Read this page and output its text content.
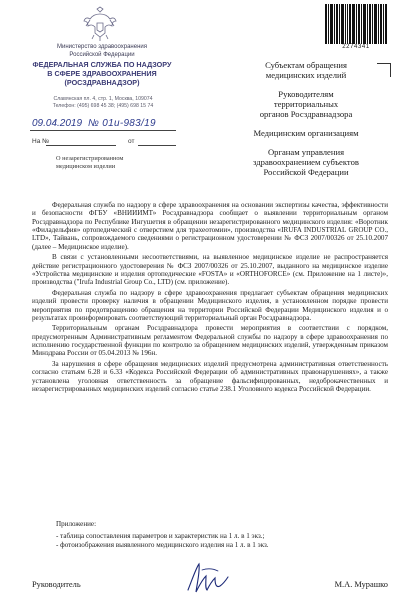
Министерство здравоохранения
Российской Федерации
ФЕДЕРАЛЬНАЯ СЛУЖБА ПО НАДЗОРУ
В СФЕРЕ ЗДРАВООХРАНЕНИЯ
(РОСЗДРАВНАДЗОР)
Славянская пл. 4, стр. 1, Москва, 109074
Телефон: (495) 698 45 38; (495) 698 15 74
09.04.2019 № 01и-983/19
На №	от
О незарегистрированном
медицинском изделии
2274341
Субъектам обращения
медицинских изделий
Руководителям
территориальных
органов Росздравнадзора
Медицинским организациям
Органам управления
здравоохранением субъектов
Российской Федерации

Федеральная служба по надзору в сфере здравоохранения на основании экспертизы качества, эффективности и безопасности ФГБУ «ВНИИИМТ» Росздравнадзора сообщает о выявлении территориальным органом Росздравнадзора по Республике Ингушетия в обращении незарегистрированного медицинского изделия: «Воротник «Филадельфия» ортопедический с отверстием для трахеотомии», производства «IRUFA INDUSTRIAL GROUP CO., LTD», Тайвань, сопровождаемого сведениями о регистрационном удостоверении № ФСЗ 2007/00326 от 25.10.2007 (далее – Медицинское изделие).

В связи с установленными несоответствиями, на выявленное медицинское изделие не распространяется действие регистрационного удостоверения № ФСЗ 2007/00326 от 25.10.2007, выданного на медицинское изделие «Устройства медицинские и изделия ортопедические «FOSTA» и «ORTHOFORCE» (см. Приложение на 1 листе)», производства ("Irufa Industrial Group Co., LTD) (см. приложение).

Федеральная служба по надзору в сфере здравоохранения предлагает субъектам обращения медицинских изделий провести проверку наличия в обращении Медицинского изделия, в установленном порядке провести мероприятия по предотвращению обращения на территории Российской Федерации Медицинского изделия и о результатах проинформировать соответствующий территориальный орган Росздравнадзора.

Территориальным органам Росздравнадзора провести мероприятия в соответствии с порядком, предусмотренным Административным регламентом Федеральной службы по надзору в сфере здравоохранения по исполнению государственной функции по контролю за обращением медицинских изделий, утвержденным приказом Минздрава России от 05.04.2013 № 196н.

За нарушения в сфере обращения медицинских изделий предусмотрена административная ответственность согласно статьям 6.28 и 6.33 «Кодекса Российской Федерации об административных правонарушениях», а также установлена уголовная ответственность за обращение фальсифицированных, недоброкачественных и незарегистрированных медицинских изделий согласно статье 238.1 Уголовного кодекса Российской Федерации.

Приложение:
- таблица сопоставления параметров и характеристик на 1 л. в 1 экз.;
- фотоизображения выявленного медицинского изделия на 1 л. в 1 экз.
Руководитель	М.А. Мурашко
